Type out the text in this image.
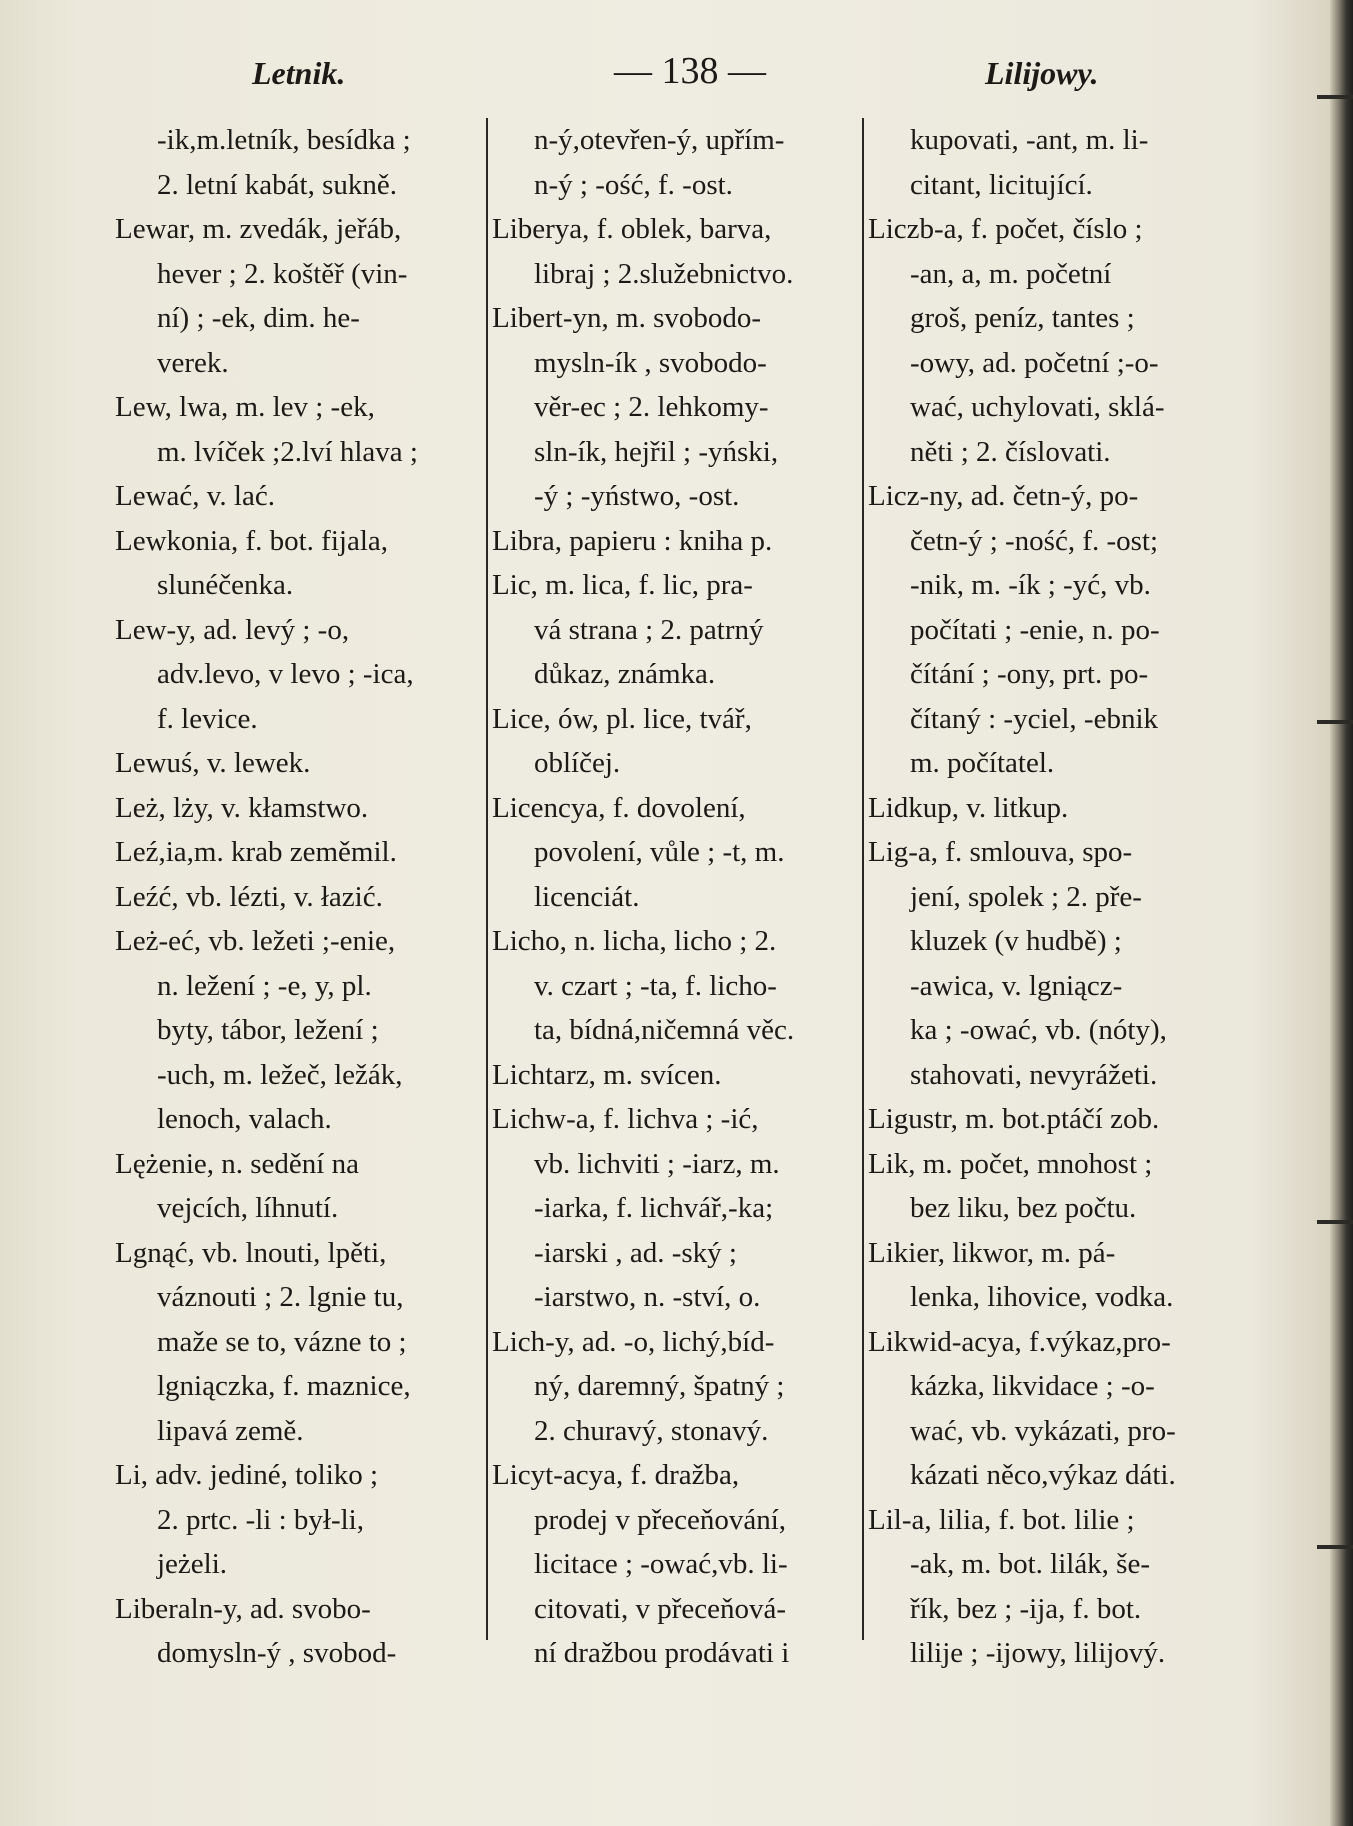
Letnik.	— 138 —	Lilijowy.
-ik,m.letník, besídka ;
2. letní kabát, sukně.
Lewar, m. zvedák, jeřáb,
hever ; 2. koštěř (vin-
ní) ; -ek, dim. he-
verek.
Lew, lwa, m. lev ; -ek,
m. lvíček ;2.lví hlava ;
Lewać, v. lać.
Lewkonia, f. bot. fijala,
slunéčenka.
Lew-y, ad. levý ; -o,
adv.levo, v levo ; -ica,
f. levice.
Lewuś, v. lewek.
Leż, lży, v. kłamstwo.
Leź,ia,m. krab zeměmil.
Leźć, vb. lézti, v. łazić.
Leż-eć, vb. ležeti ;-enie,
n. ležení ; -e, y, pl.
byty, tábor, ležení ;
-uch, m. ležeč, ležák,
lenoch, valach.
Lężenie, n. sedění na
vejcích, líhnutí.
Lgnąć, vb. lnouti, lpěti,
váznouti ; 2. lgnie tu,
maže se to, vázne to ;
lgniączka, f. maznice,
lipavá země.
Li, adv. jediné, toliko ;
2. prtc. -li : był-li,
jeżeli.
Liberaln-y, ad. svobo-
domysln-ý , svobod-
n-ý,otevřen-ý, upřím-
n-ý ; -ość, f. -ost.
Liberya, f. oblek, barva,
libraj ; 2.služebnictvo.
Libert-yn, m. svobodo-
mysln-ík , svobodo-
věr-ec ; 2. lehkomy-
sln-ík, hejřil ; -yński,
-ý ; -yństwo, -ost.
Libra, papieru : kniha p.
Lic, m. lica, f. lic, pra-
vá strana ; 2. patrný
důkaz, známka.
Lice, ów, pl. lice, tvář,
oblíčej.
Licencya, f. dovolení,
povolení, vůle ; -t, m.
licenciát.
Licho, n. licha, licho ; 2.
v. czart ; -ta, f. licho-
ta, bídná,ničemná věc.
Lichtarz, m. svícen.
Lichw-a, f. lichva ; -ić,
vb. lichviti ; -iarz, m.
-iarka, f. lichvář,-ka;
-iarski , ad. -ský ;
-iarstwo, n. -ství, o.
Lich-y, ad. -o, lichý,bíd-
ný, daremný, špatný ;
2. churavý, stonavý.
Licyt-acya, f. dražba,
prodej v přeceňování,
licitace ; -ować,vb. li-
citovati, v přeceňová-
ní dražbou prodávati i
kupovati, -ant, m. li-
citant, licitující.
Liczb-a, f. počet, číslo ;
-an, a, m. početní
groš, peníz, tantes ;
-owy, ad. početní ;-o-
wać, uchylovati, sklá-
něti ; 2. číslovati.
Licz-ny, ad. četn-ý, po-
četn-ý ; -ność, f. -ost;
-nik, m. -ík ; -yć, vb.
počítati ; -enie, n. po-
čítání ; -ony, prt. po-
čítaný : -yciel, -ebnik
m. počítatel.
Lidkup, v. litkup.
Lig-a, f. smlouva, spo-
jení, spolek ; 2. pře-
kluzek (v hudbě) ;
-awica, v. lgniącz-
ka ; -ować, vb. (nóty),
stahovati, nevyrážeti.
Ligustr, m. bot.ptáčí zob.
Lik, m. počet, mnohost ;
bez liku, bez počtu.
Likier, likwor, m. pá-
lenka, lihovice, vodka.
Likwid-acya, f.výkaz,pro-
kázka, likvidace ; -o-
wać, vb. vykázati, pro-
kázati něco,výkaz dáti.
Lil-a, lilia, f. bot. lilie ;
-ak, m. bot. lilák, še-
řík, bez ; -ija, f. bot.
lilije ; -ijowy, lilijový.
